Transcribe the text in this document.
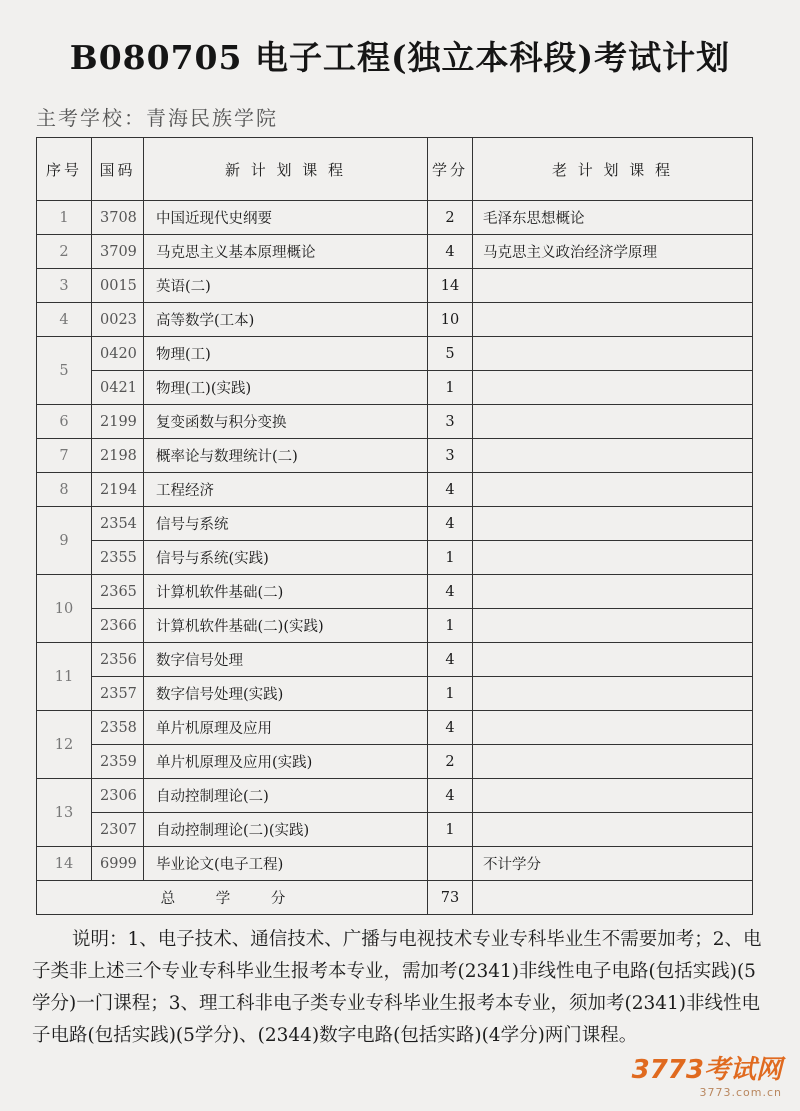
B080705 电子工程(独立本科段)考试计划
主考学校：青海民族学院
序号	国码	新 计 划 课 程	学分	老 计 划 课 程
1	3708	中国近现代史纲要	2	毛泽东思想概论
2	3709	马克思主义基本原理概论	4	马克思主义政治经济学原理
3	0015	英语(二)	14	
4	0023	高等数学(工本)	10	
5	0420	物理(工)	5	
	0421	物理(工)(实践)	1	
6	2199	复变函数与积分变换	3	
7	2198	概率论与数理统计(二)	3	
8	2194	工程经济	4	
9	2354	信号与系统	4	
	2355	信号与系统(实践)	1	
10	2365	计算机软件基础(二)	4	
	2366	计算机软件基础(二)(实践)	1	
11	2356	数字信号处理	4	
	2357	数字信号处理(实践)	1	
12	2358	单片机原理及应用	4	
	2359	单片机原理及应用(实践)	2	
13	2306	自动控制理论(二)	4	
	2307	自动控制理论(二)(实践)	1	
14	6999	毕业论文(电子工程)		不计学分
总 学 分			73	
说明：1、电子技术、通信技术、广播与电视技术专业专科毕业生不需要加考；2、电子类非上述三个专业专科毕业生报考本专业，需加考(2341)非线性电子电路(包括实践)(5学分)一门课程；3、理工科非电子类专业专科毕业生报考本专业，须加考(2341)非线性电子电路(包括实践)(5学分)、(2344)数字电路(包括实路)(4学分)两门课程。
3773考试网
3773.com.cn
